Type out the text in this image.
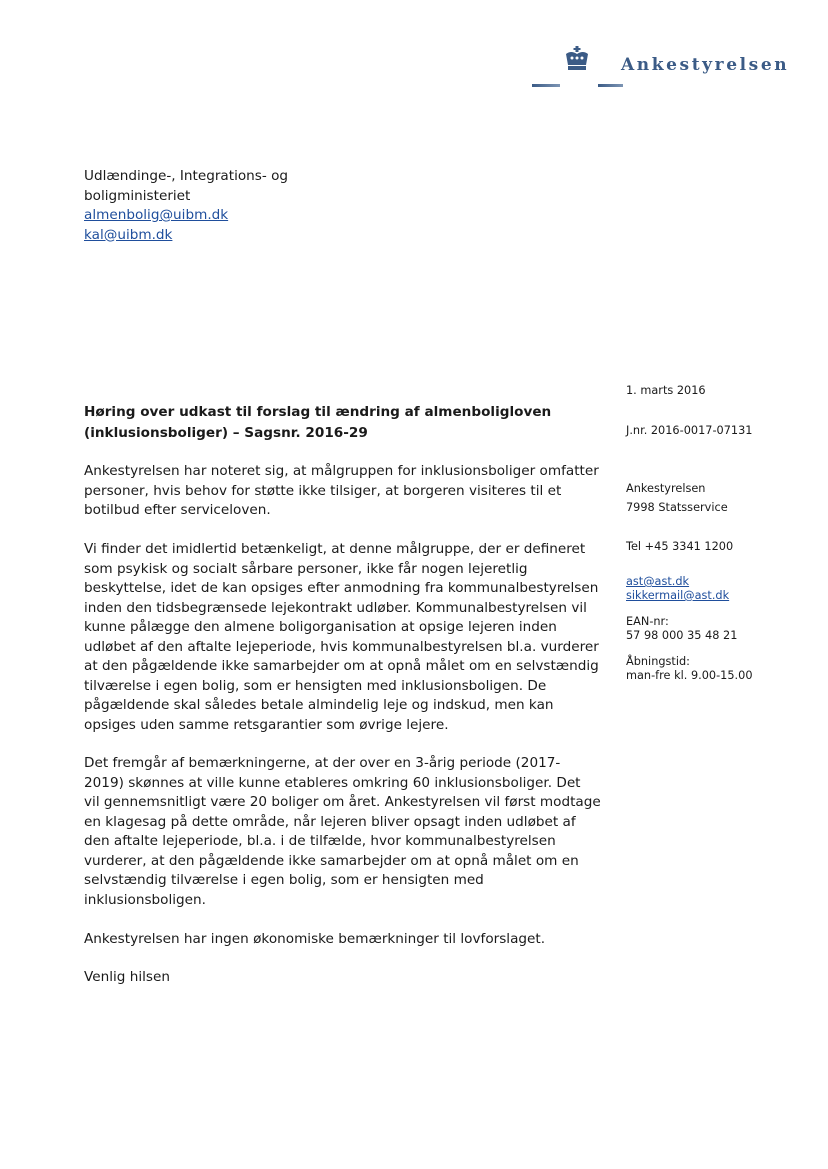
Ankestyrelsen
Udlændinge-, Integrations- og
boligministeriet
almenbolig@uibm.dk
kal@uibm.dk
Høring over udkast til forslag til ændring af almenboligloven
(inklusionsboliger) – Sagsnr. 2016-29
Ankestyrelsen har noteret sig, at målgruppen for inklusionsboliger omfatter
personer, hvis behov for støtte ikke tilsiger, at borgeren visiteres til et
botilbud efter serviceloven.
Vi finder det imidlertid betænkeligt, at denne målgruppe, der er defineret
som psykisk og socialt sårbare personer, ikke får nogen lejeretlig
beskyttelse, idet de kan opsiges efter anmodning fra kommunalbestyrelsen
inden den tidsbegrænsede lejekontrakt udløber. Kommunalbestyrelsen vil
kunne pålægge den almene boligorganisation at opsige lejeren inden
udløbet af den aftalte lejeperiode, hvis kommunalbestyrelsen bl.a. vurderer
at den pågældende ikke samarbejder om at opnå målet om en selvstændig
tilværelse i egen bolig, som er hensigten med inklusionsboligen. De
pågældende skal således betale almindelig leje og indskud, men kan
opsiges uden samme retsgarantier som øvrige lejere.
Det fremgår af bemærkningerne, at der over en 3-årig periode (2017-
2019) skønnes at ville kunne etableres omkring 60 inklusionsboliger. Det
vil gennemsnitligt være 20 boliger om året. Ankestyrelsen vil først modtage
en klagesag på dette område, når lejeren bliver opsagt inden udløbet af
den aftalte lejeperiode, bl.a. i de tilfælde, hvor kommunalbestyrelsen
vurderer, at den pågældende ikke samarbejder om at opnå målet om en
selvstændig tilværelse i egen bolig, som er hensigten med
inklusionsboligen.
Ankestyrelsen har ingen økonomiske bemærkninger til lovforslaget.
Venlig hilsen
1. marts 2016
J.nr. 2016-0017-07131
Ankestyrelsen
7998 Statsservice
Tel +45 3341 1200
ast@ast.dk
sikkermail@ast.dk
EAN-nr:
57 98 000 35 48 21
Åbningstid:
man-fre kl. 9.00-15.00
